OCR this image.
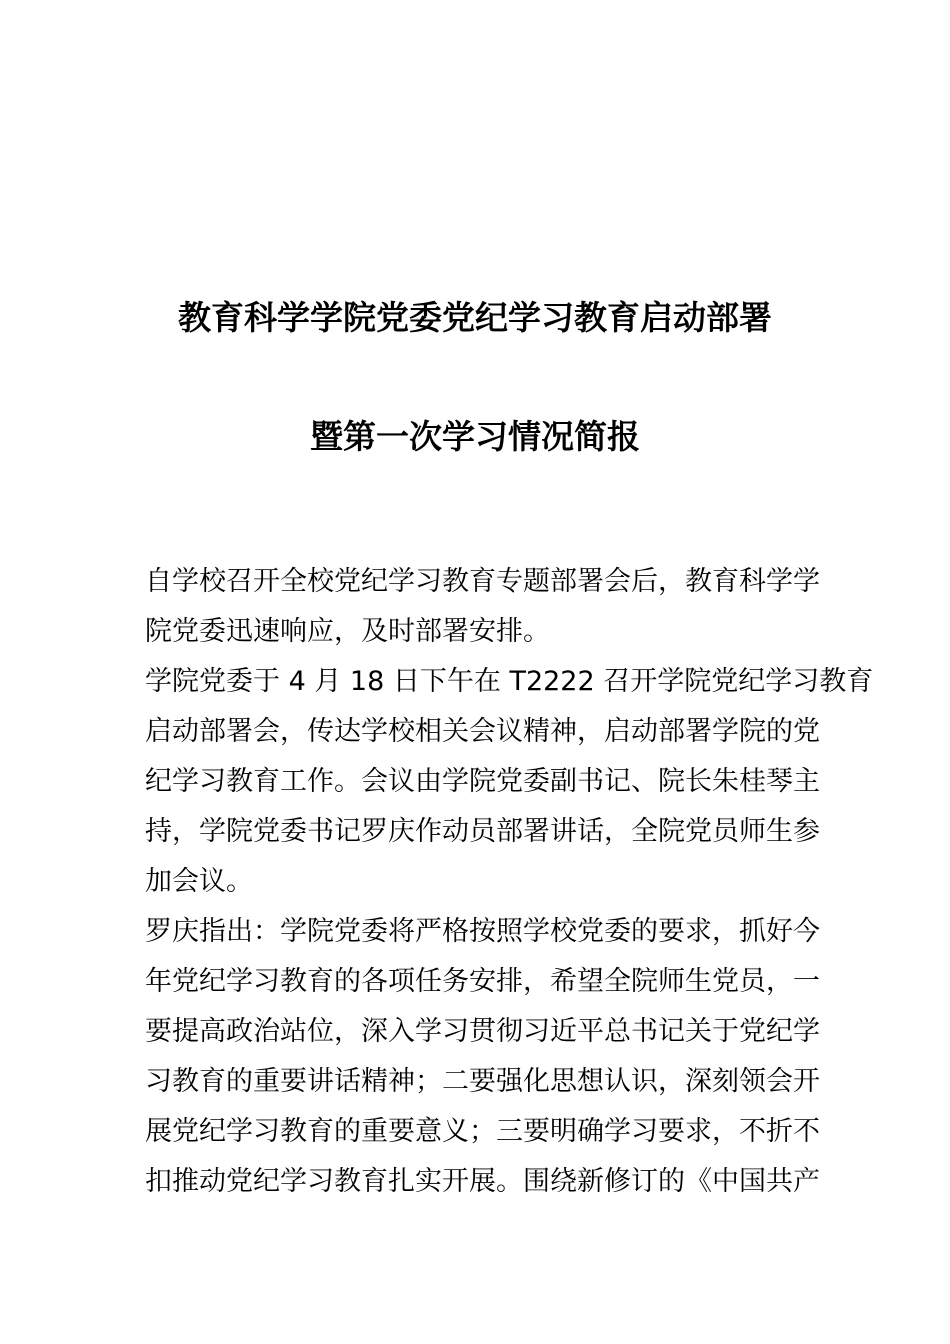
教育科学学院党委党纪学习教育启动部署
暨第一次学习情况简报
自学校召开全校党纪学习教育专题部署会后，教育科学学
院党委迅速响应，及时部署安排。
学院党委于 4 月 18 日下午在 T2222 召开学院党纪学习教育
启动部署会，传达学校相关会议精神，启动部署学院的党
纪学习教育工作。会议由学院党委副书记、院长朱桂琴主
持，学院党委书记罗庆作动员部署讲话，全院党员师生参
加会议。
罗庆指出：学院党委将严格按照学校党委的要求，抓好今
年党纪学习教育的各项任务安排，希望全院师生党员，一
要提高政治站位，深入学习贯彻习近平总书记关于党纪学
习教育的重要讲话精神；二要强化思想认识，深刻领会开
展党纪学习教育的重要意义；三要明确学习要求，不折不
扣推动党纪学习教育扎实开展。围绕新修订的《中国共产
